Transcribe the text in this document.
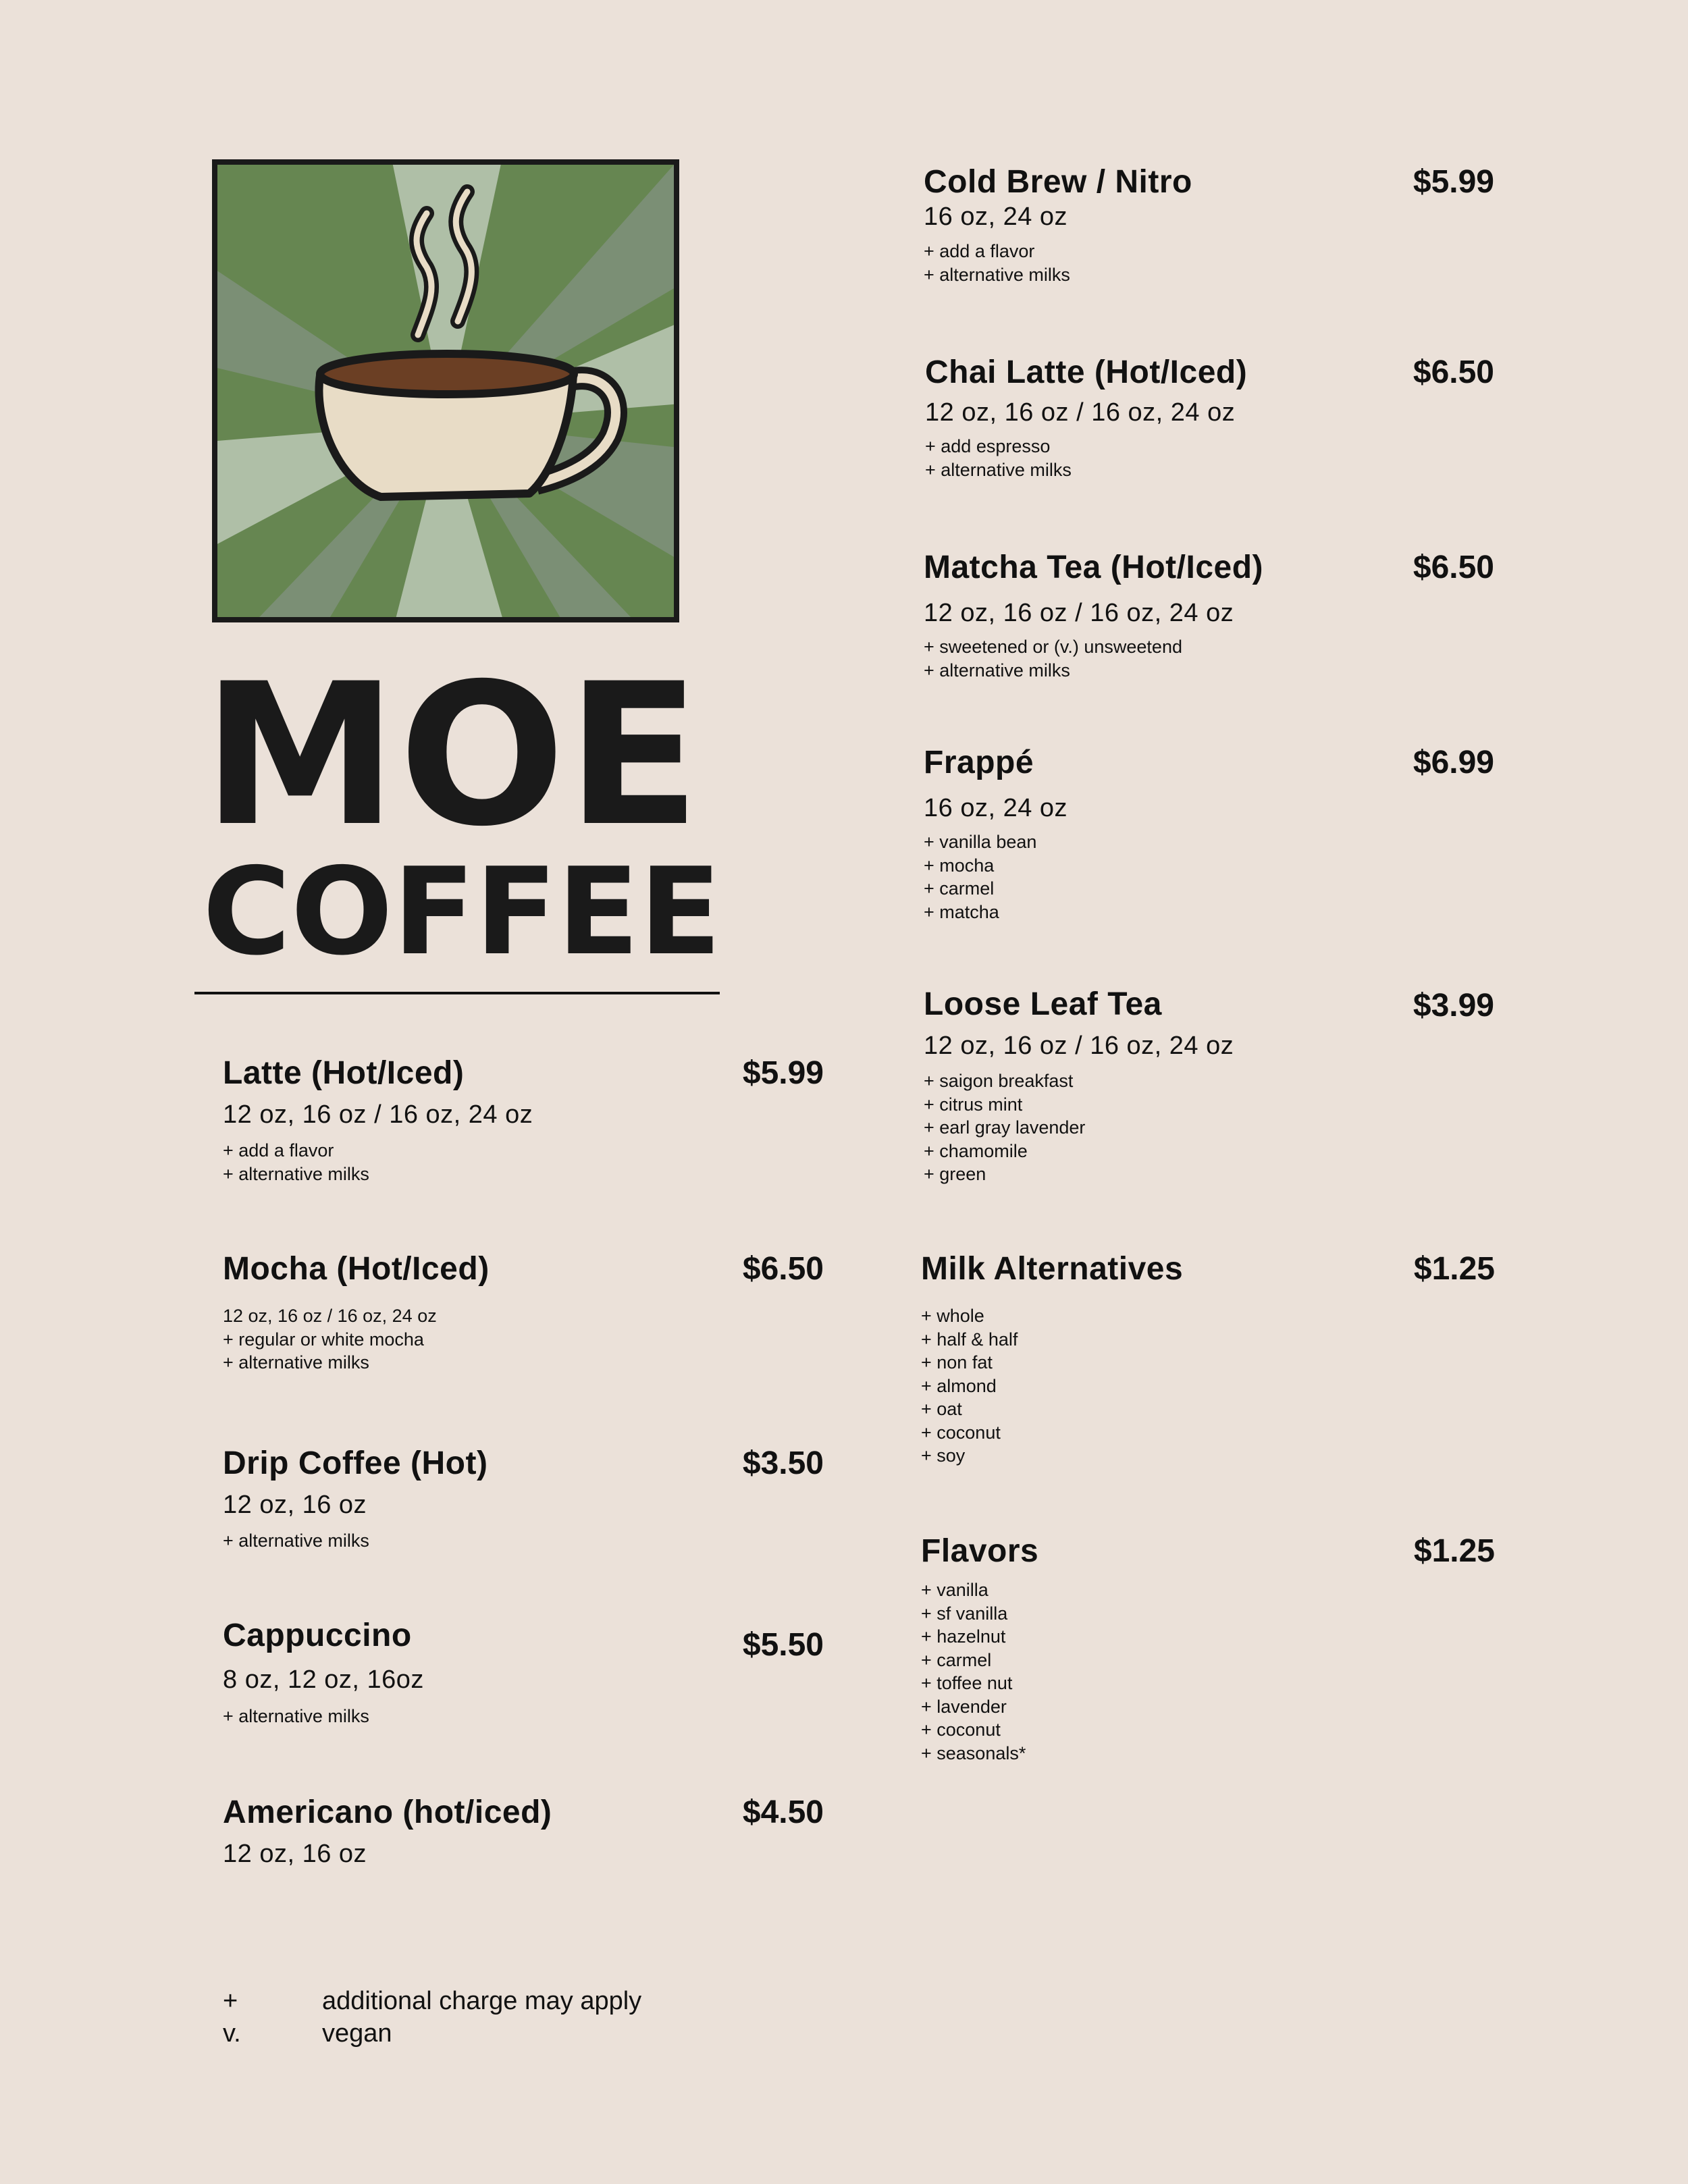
MOE
COFFEE
Latte (Hot/Iced)	$5.99
12 oz, 16 oz / 16 oz, 24 oz
+ add a flavor
+ alternative milks
Mocha (Hot/Iced)	$6.50
12 oz, 16 oz / 16 oz, 24 oz
+ regular or white mocha
+ alternative milks
Drip Coffee (Hot)	$3.50
12 oz, 16 oz
+ alternative milks
Cappuccino	$5.50
8 oz, 12 oz, 16oz
+ alternative milks
Americano (hot/iced)	$4.50
12 oz, 16 oz
Cold Brew / Nitro	$5.99
16 oz, 24 oz
+ add a flavor
+ alternative milks
Chai Latte (Hot/Iced)	$6.50
12 oz, 16 oz / 16 oz, 24 oz
+ add espresso
+ alternative milks
Matcha Tea (Hot/Iced)	$6.50
12 oz, 16 oz / 16 oz, 24 oz
+ sweetened or (v.) unsweetend
+ alternative milks
Frappé	$6.99
16 oz, 24 oz
+ vanilla bean
+ mocha
+ carmel
+ matcha
Loose Leaf Tea	$3.99
12 oz, 16 oz / 16 oz, 24 oz
+ saigon breakfast
+ citrus mint
+ earl gray lavender
+ chamomile
+ green
Milk Alternatives	$1.25
+ whole
+ half & half
+ non fat
+ almond
+ oat
+ coconut
+ soy
Flavors	$1.25
+ vanilla
+ sf vanilla
+ hazelnut
+ carmel
+ toffee nut
+ lavender
+ coconut
+ seasonals*
+	additional charge may apply
v.	vegan
